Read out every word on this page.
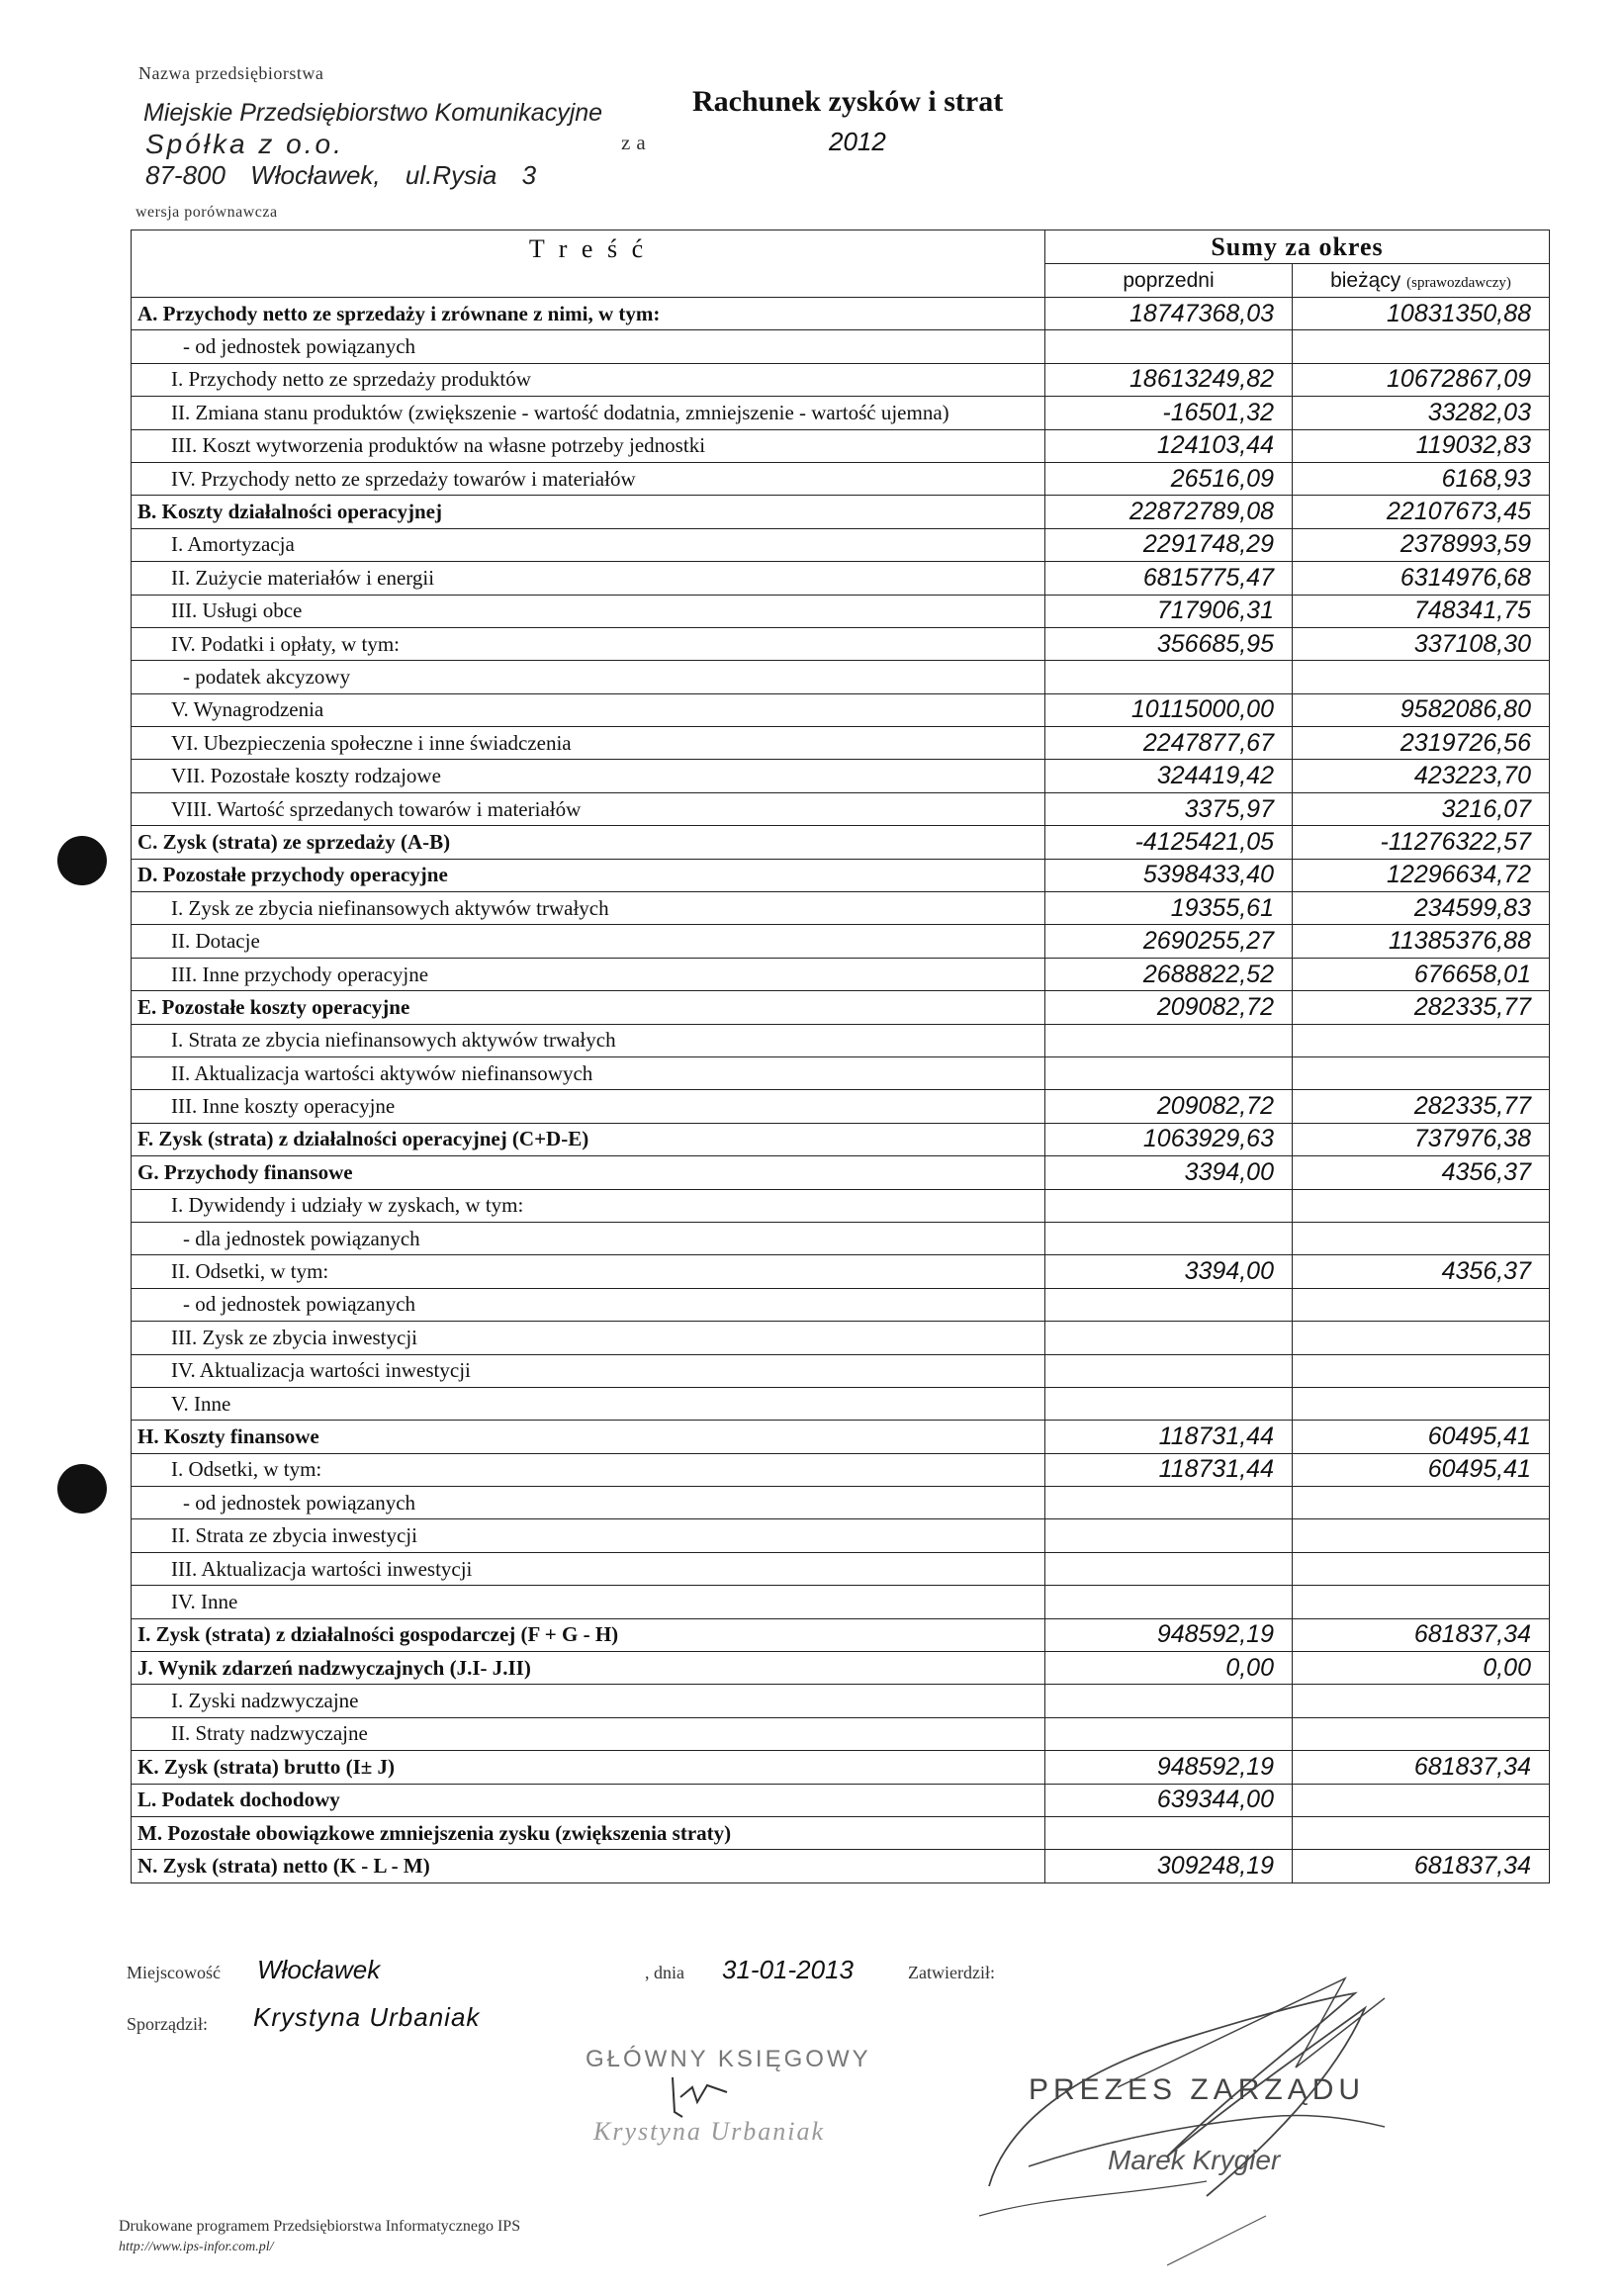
Nazwa przedsiębiorstwa
Miejskie Przedsiębiorstwo Komunikacyjne
Spółka z o.o.
87-800 Włocławek, ul.Rysia 3
za
Rachunek zysków i strat
2012
wersja porównawcza
T r e ś ć	Sumy za okres	
	poprzedni	bieżący (sprawozdawczy)
A. Przychody netto ze sprzedaży i zrównane z nimi, w tym:	18747368,03	10831350,88
- od jednostek powiązanych		
I. Przychody netto ze sprzedaży produktów	18613249,82	10672867,09
II. Zmiana stanu produktów (zwiększenie - wartość dodatnia, zmniejszenie - wartość ujemna)	-16501,32	33282,03
III. Koszt wytworzenia produktów na własne potrzeby jednostki	124103,44	119032,83
IV. Przychody netto ze sprzedaży towarów i materiałów	26516,09	6168,93
B. Koszty działalności operacyjnej	22872789,08	22107673,45
I. Amortyzacja	2291748,29	2378993,59
II. Zużycie materiałów i energii	6815775,47	6314976,68
III. Usługi obce	717906,31	748341,75
IV. Podatki i opłaty, w tym:	356685,95	337108,30
- podatek akcyzowy		
V. Wynagrodzenia	10115000,00	9582086,80
VI. Ubezpieczenia społeczne i inne świadczenia	2247877,67	2319726,56
VII. Pozostałe koszty rodzajowe	324419,42	423223,70
VIII. Wartość sprzedanych towarów i materiałów	3375,97	3216,07
C. Zysk (strata) ze sprzedaży (A-B)	-4125421,05	-11276322,57
D. Pozostałe przychody operacyjne	5398433,40	12296634,72
I. Zysk ze zbycia niefinansowych aktywów trwałych	19355,61	234599,83
II. Dotacje	2690255,27	11385376,88
III. Inne przychody operacyjne	2688822,52	676658,01
E. Pozostałe koszty operacyjne	209082,72	282335,77
I. Strata ze zbycia niefinansowych aktywów trwałych		
II. Aktualizacja wartości aktywów niefinansowych		
III. Inne koszty operacyjne	209082,72	282335,77
F. Zysk (strata) z działalności operacyjnej (C+D-E)	1063929,63	737976,38
G. Przychody finansowe	3394,00	4356,37
I. Dywidendy i udziały w zyskach, w tym:		
- dla jednostek powiązanych		
II. Odsetki, w tym:	3394,00	4356,37
- od jednostek powiązanych		
III. Zysk ze zbycia inwestycji		
IV. Aktualizacja wartości inwestycji		
V. Inne		
H. Koszty finansowe	118731,44	60495,41
I. Odsetki, w tym:	118731,44	60495,41
- od jednostek powiązanych		
II. Strata ze zbycia inwestycji		
III. Aktualizacja wartości inwestycji		
IV. Inne		
I. Zysk (strata) z działalności gospodarczej (F + G - H)	948592,19	681837,34
J. Wynik zdarzeń nadzwyczajnych (J.I- J.II)	0,00	0,00
I. Zyski nadzwyczajne		
II. Straty nadzwyczajne		
K. Zysk (strata) brutto (I± J)	948592,19	681837,34
L. Podatek dochodowy	639344,00	
M. Pozostałe obowiązkowe zmniejszenia zysku (zwiększenia straty)		
N. Zysk (strata) netto (K - L - M)	309248,19	681837,34
Miejscowość Włocławek	, dnia 31-01-2013	Zatwierdził:
Sporządził: Krystyna Urbaniak
GŁÓWNY KSIĘGOWY
Krystyna Urbaniak
PREZES ZARZĄDU
Marek Krygier
Drukowane programem Przedsiębiorstwa Informatycznego IPS
http://www.ips-infor.com.pl/
